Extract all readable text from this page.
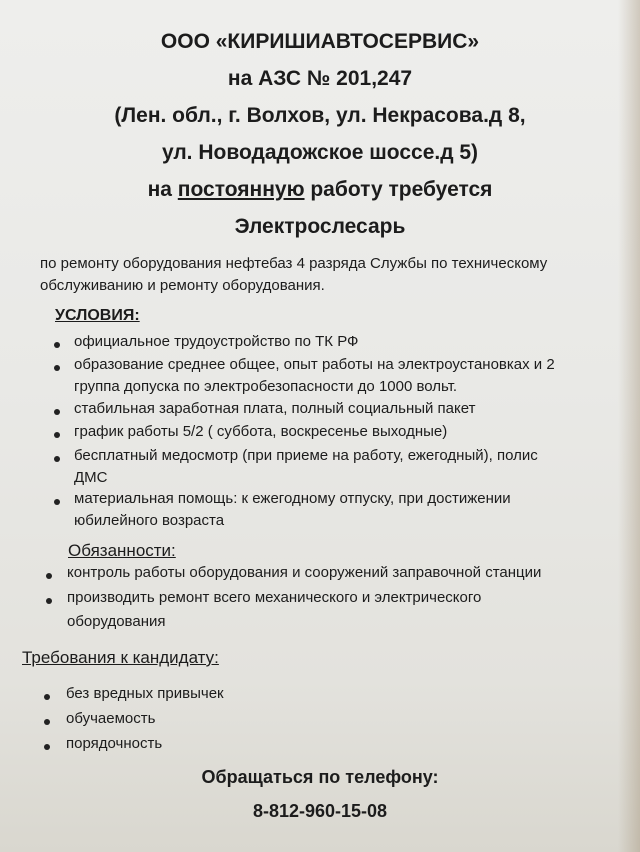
ООО «КИРИШИАВТОСЕРВИС»
на АЗС № 201,247
(Лен. обл., г. Волхов, ул. Некрасова.д 8,
ул. Новодадожское шоссе.д 5)
на постоянную работу требуется
Электрослесарь
по ремонту оборудования нефтебаз 4 разряда Службы по техническому
обслуживанию и ремонту оборудования.
УСЛОВИЯ:
официальное трудоустройство по ТК РФ
образование среднее общее, опыт работы на электроустановках и 2
группа допуска по электробезопасности до 1000 вольт.
стабильная заработная плата, полный социальный пакет
график работы 5/2 ( суббота, воскресенье выходные)
бесплатный медосмотр (при приеме на работу, ежегодный), полис
ДМС
материальная помощь: к ежегодному отпуску, при достижении
юбилейного возраста
Обязанности:
контроль работы оборудования и сооружений заправочной станции
производить ремонт всего механического и электрического
оборудования
Требования к кандидату:
без вредных привычек
обучаемость
порядочность
Обращаться по телефону:
8-812-960-15-08
